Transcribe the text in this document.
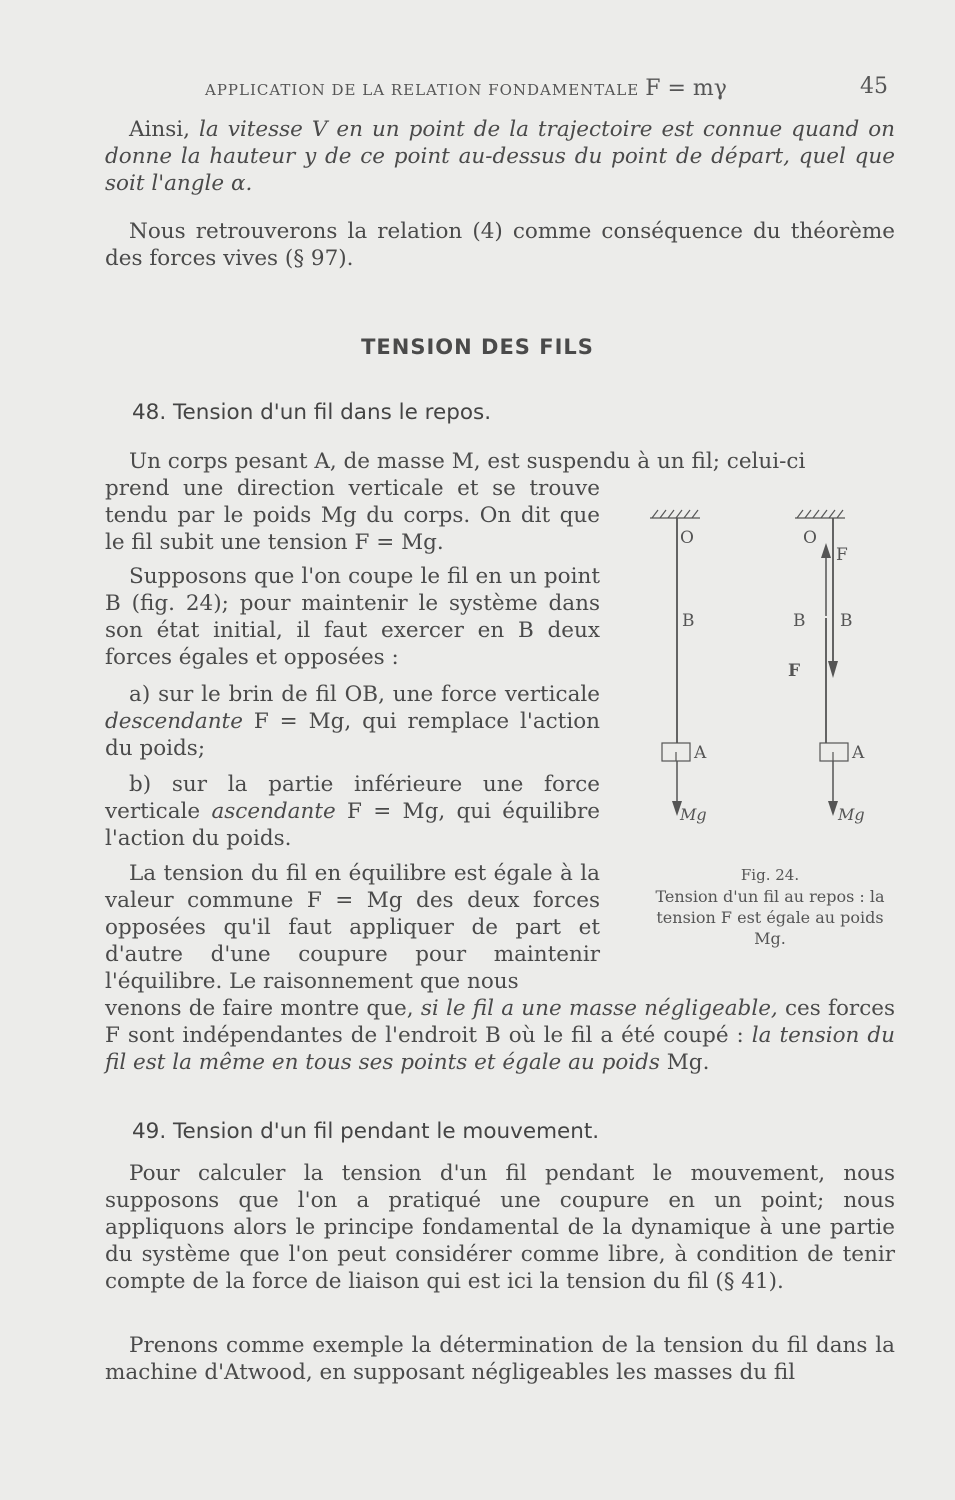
APPLICATION DE LA RELATION FONDAMENTALE F = mγ	45

Ainsi, la vitesse V en un point de la trajectoire est connue quand on donne la hauteur y de ce point au-dessus du point de départ, quel que soit l'angle α.

Nous retrouverons la relation (4) comme conséquence du théorème des forces vives (§ 97).

TENSION DES FILS
48. Tension d'un fil dans le repos.

Un corps pesant A, de masse M, est suspendu à un fil; celui-ci

prend une direction verticale et se trouve tendu par le poids Mg du corps. On dit que le fil subit une tension F = Mg.

Supposons que l'on coupe le fil en un point B (fig. 24); pour maintenir le système dans son état initial, il faut exercer en B deux forces égales et opposées :

a) sur le brin de fil OB, une force verticale descendante F = Mg, qui remplace l'action du poids;

b) sur la partie inférieure une force verticale ascendante F = Mg, qui équilibre l'action du poids.

La tension du fil en équilibre est égale à la valeur commune F = Mg des deux forces opposées qu'il faut appliquer de part et d'autre d'une coupure pour maintenir l'équilibre. Le raisonnement que nous

venons de faire montre que, si le fil a une masse négligeable, ces forces F sont indépendantes de l'endroit B où le fil a été coupé : la tension du fil est la même en tous ses points et égale au poids Mg.

49. Tension d'un fil pendant le mouvement.

Pour calculer la tension d'un fil pendant le mouvement, nous supposons que l'on a pratiqué une coupure en un point; nous appliquons alors le principe fondamental de la dynamique à une partie du système que l'on peut considérer comme libre, à condition de tenir compte de la force de liaison qui est ici la tension du fil (§ 41).

Prenons comme exemple la détermination de la tension du fil dans la machine d'Atwood, en supposant négligeables les masses du fil

O
B
A
Mg
O
F
B B
F
A
Mg
Fig. 24.
Tension d'un fil au repos : la tension F est égale au poids Mg.
